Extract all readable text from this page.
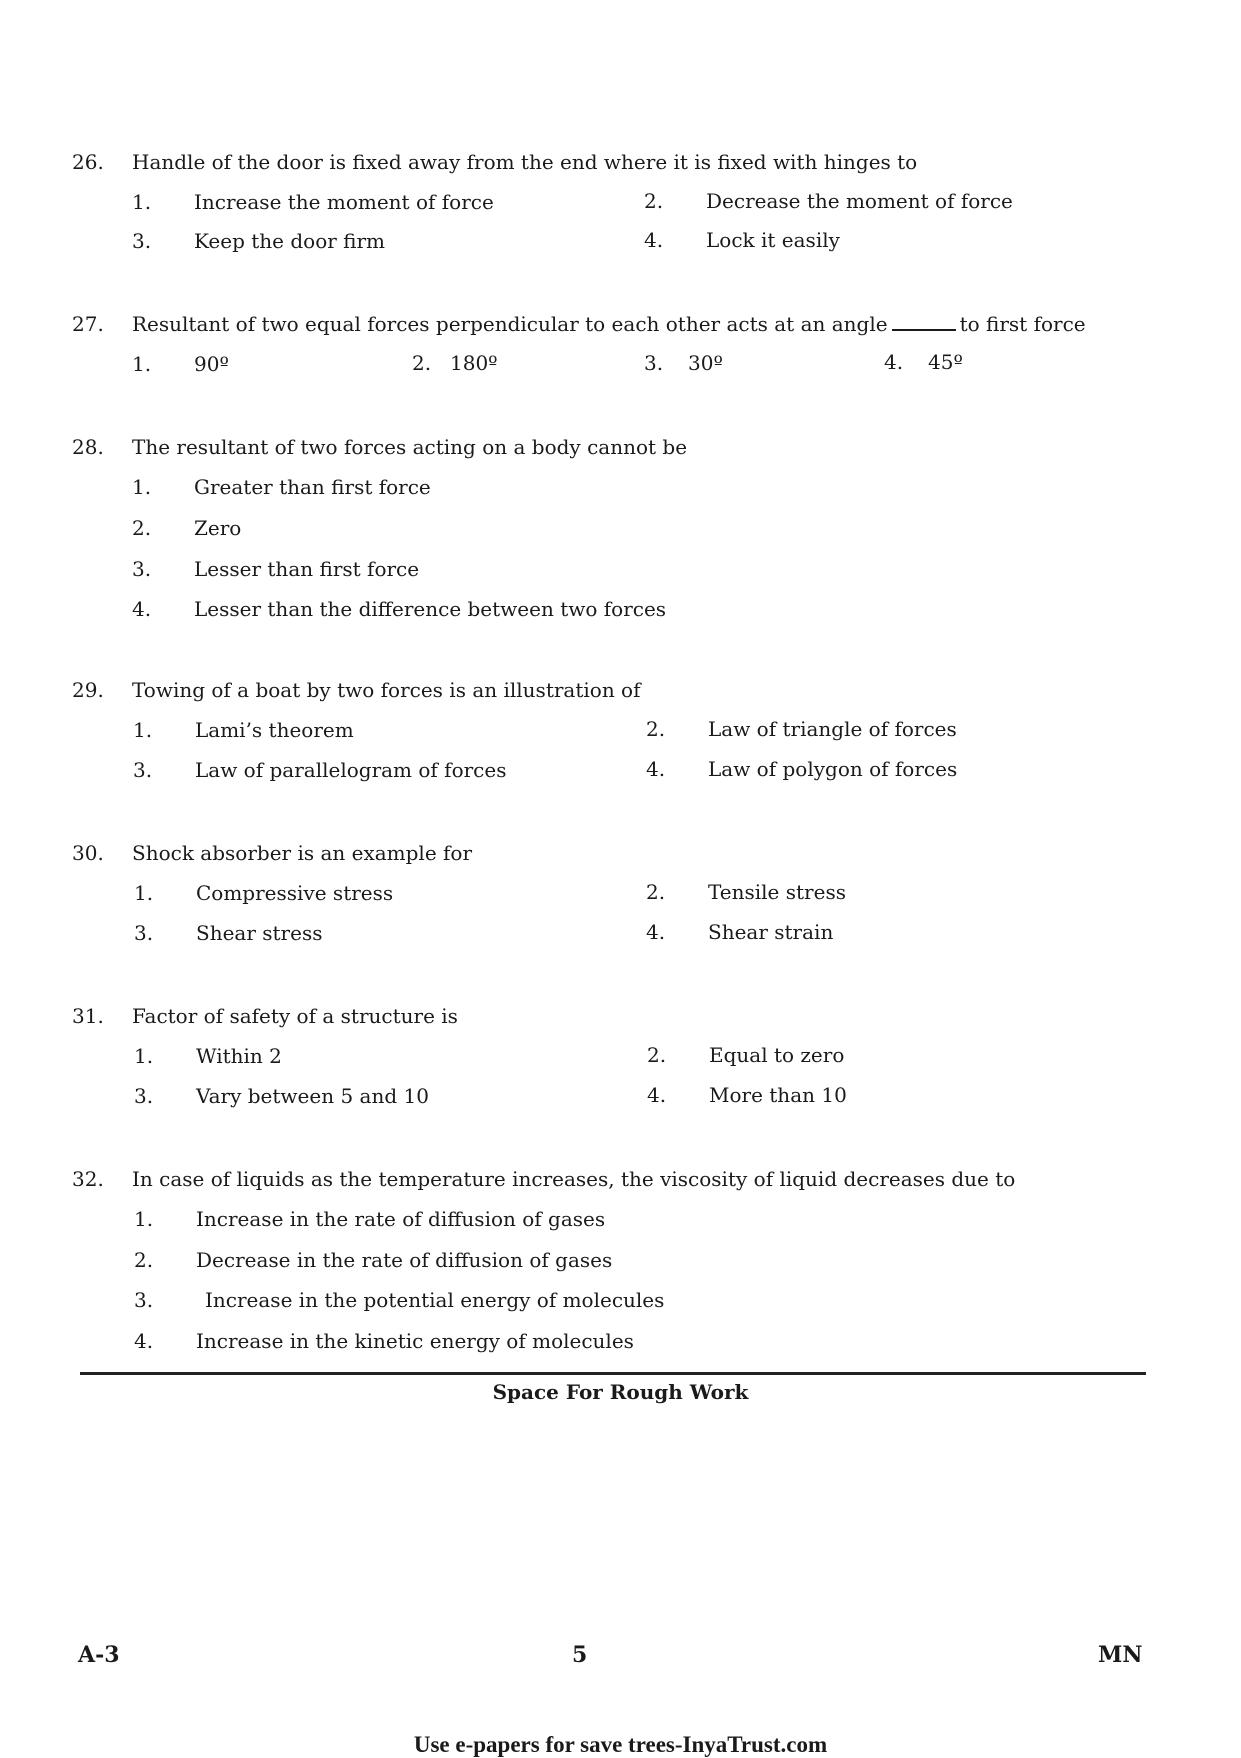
26. Handle of the door is fixed away from the end where it is fixed with hinges to
1. Increase the moment of force	2. Decrease the moment of force
3. Keep the door firm	4. Lock it easily
27. Resultant of two equal forces perpendicular to each other acts at an angle	to first force
1. 90º	2. 180º	3. 30º	4. 45º
28. The resultant of two forces acting on a body cannot be
1. Greater than first force
2. Zero
3. Lesser than first force
4. Lesser than the difference between two forces
29. Towing of a boat by two forces is an illustration of
1. Lami’s theorem	2. Law of triangle of forces
3. Law of parallelogram of forces	4. Law of polygon of forces
30. Shock absorber is an example for
1. Compressive stress	2. Tensile stress
3. Shear stress	4. Shear strain
31. Factor of safety of a structure is
1. Within 2	2. Equal to zero
3. Vary between 5 and 10	4. More than 10
32. In case of liquids as the temperature increases, the viscosity of liquid decreases due to
1. Increase in the rate of diffusion of gases
2. Decrease in the rate of diffusion of gases
3.	Increase in the potential energy of molecules
4. Increase in the kinetic energy of molecules
Space For Rough Work
A-3	5	MN
Use e-papers for save trees-InyaTrust.com
